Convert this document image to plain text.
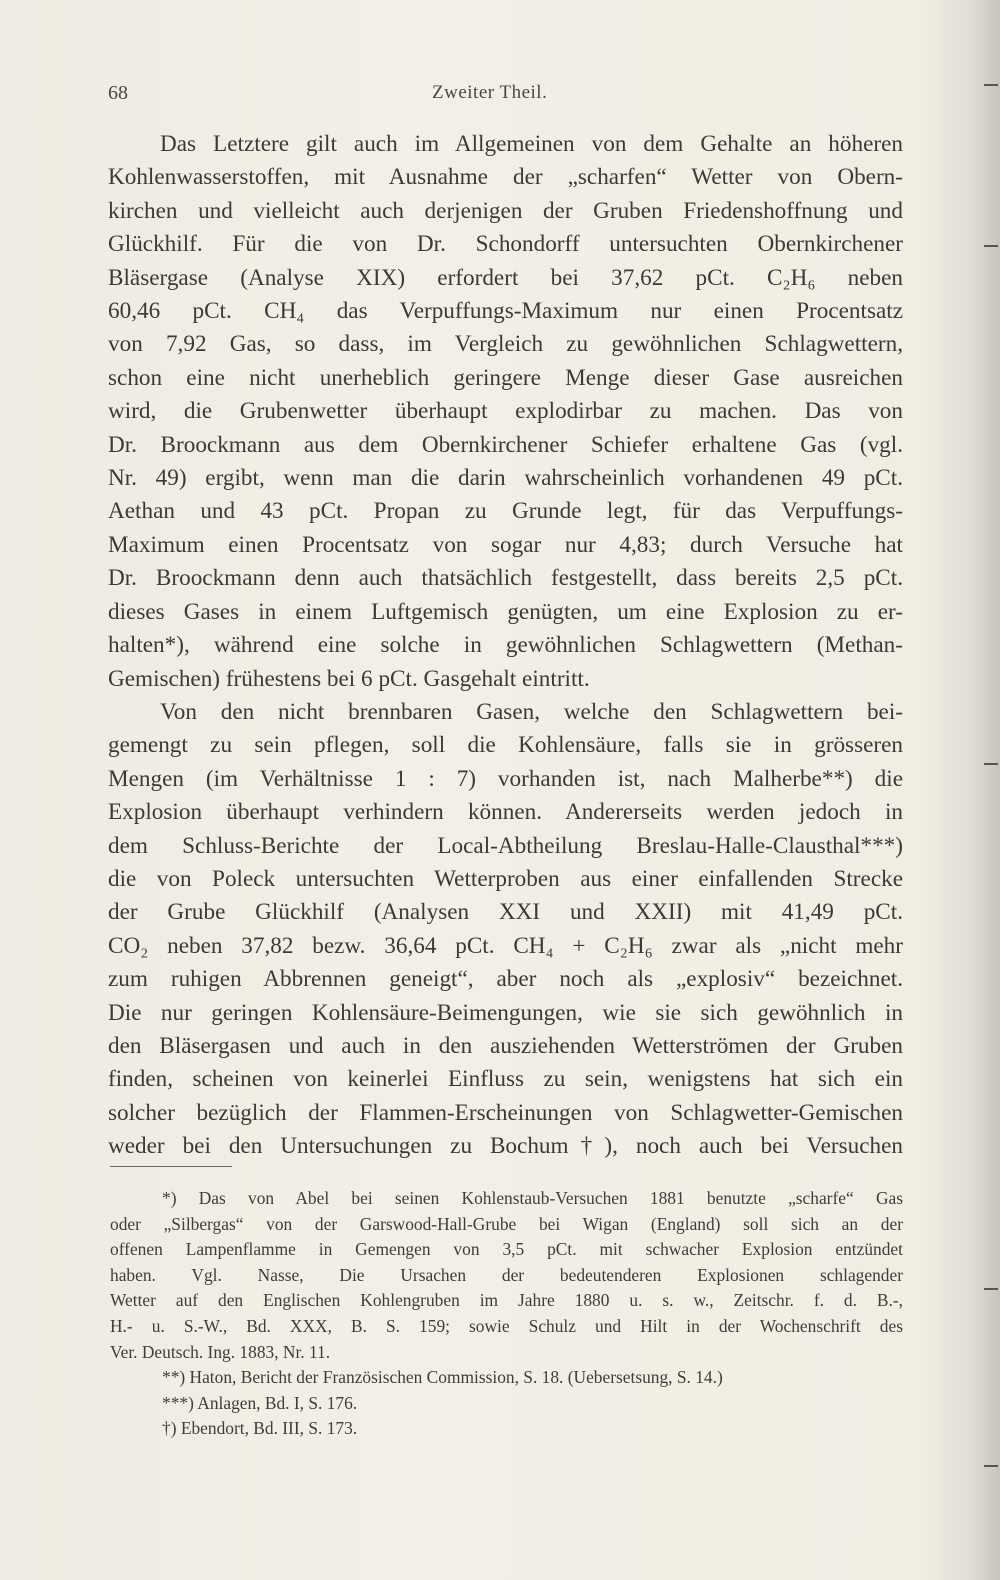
68	Zweiter Theil.

Das Letztere gilt auch im Allgemeinen von dem Gehalte an höheren
Kohlenwasserstoffen, mit Ausnahme der „scharfen“ Wetter von Obern-
kirchen und vielleicht auch derjenigen der Gruben Friedenshoffnung und
Glückhilf. Für die von Dr. Schondorff untersuchten Obernkirchener
Bläsergase (Analyse XIX) erfordert bei 37,62 pCt. C₂H₆ neben
60,46 pCt. CH₄ das Verpuffungs-Maximum nur einen Procentsatz
von 7,92 Gas, so dass, im Vergleich zu gewöhnlichen Schlagwettern,
schon eine nicht unerheblich geringere Menge dieser Gase ausreichen
wird, die Grubenwetter überhaupt explodirbar zu machen. Das von
Dr. Broockmann aus dem Obernkirchener Schiefer erhaltene Gas (vgl.
Nr. 49) ergibt, wenn man die darin wahrscheinlich vorhandenen 49 pCt.
Aethan und 43 pCt. Propan zu Grunde legt, für das Verpuffungs-
Maximum einen Procentsatz von sogar nur 4,83; durch Versuche hat
Dr. Broockmann denn auch thatsächlich festgestellt, dass bereits 2,5 pCt.
dieses Gases in einem Luftgemisch genügten, um eine Explosion zu er-
halten*), während eine solche in gewöhnlichen Schlagwettern (Methan-
Gemischen) frühestens bei 6 pCt. Gasgehalt eintritt.

Von den nicht brennbaren Gasen, welche den Schlagwettern bei-
gemengt zu sein pflegen, soll die Kohlensäure, falls sie in grösseren
Mengen (im Verhältnisse 1 : 7) vorhanden ist, nach Malherbe**) die
Explosion überhaupt verhindern können. Andererseits werden jedoch in
dem Schluss-Berichte der Local-Abtheilung Breslau-Halle-Clausthal***)
die von Poleck untersuchten Wetterproben aus einer einfallenden Strecke
der Grube Glückhilf (Analysen XXI und XXII) mit 41,49 pCt.
CO₂ neben 37,82 bezw. 36,64 pCt. CH₄ + C₂H₆ zwar als „nicht mehr
zum ruhigen Abbrennen geneigt“, aber noch als „explosiv“ bezeichnet.
Die nur geringen Kohlensäure-Beimengungen, wie sie sich gewöhnlich in
den Bläsergasen und auch in den ausziehenden Wetterströmen der Gruben
finden, scheinen von keinerlei Einfluss zu sein, wenigstens hat sich ein
solcher bezüglich der Flammen-Erscheinungen von Schlagwetter-Gemischen
weder bei den Untersuchungen zu Bochum†), noch auch bei Versuchen

*) Das von Abel bei seinen Kohlenstaub-Versuchen 1881 benutzte „scharfe“ Gas
oder „Silbergas“ von der Garswood-Hall-Grube bei Wigan (England) soll sich an der
offenen Lampenflamme in Gemengen von 3,5 pCt. mit schwacher Explosion entzündet
haben. Vgl. Nasse, Die Ursachen der bedeutenderen Explosionen schlagender
Wetter auf den Englischen Kohlengruben im Jahre 1880 u. s. w., Zeitschr. f. d. B.-,
H.- u. S.-W., Bd. XXX, B. S. 159; sowie Schulz und Hilt in der Wochenschrift des
Ver. Deutsch. Ing. 1883, Nr. 11.

**) Haton, Bericht der Französischen Commission, S. 18. (Uebersetsung, S. 14.)

***) Anlagen, Bd. I, S. 176.

†) Ebendort, Bd. III, S. 173.
